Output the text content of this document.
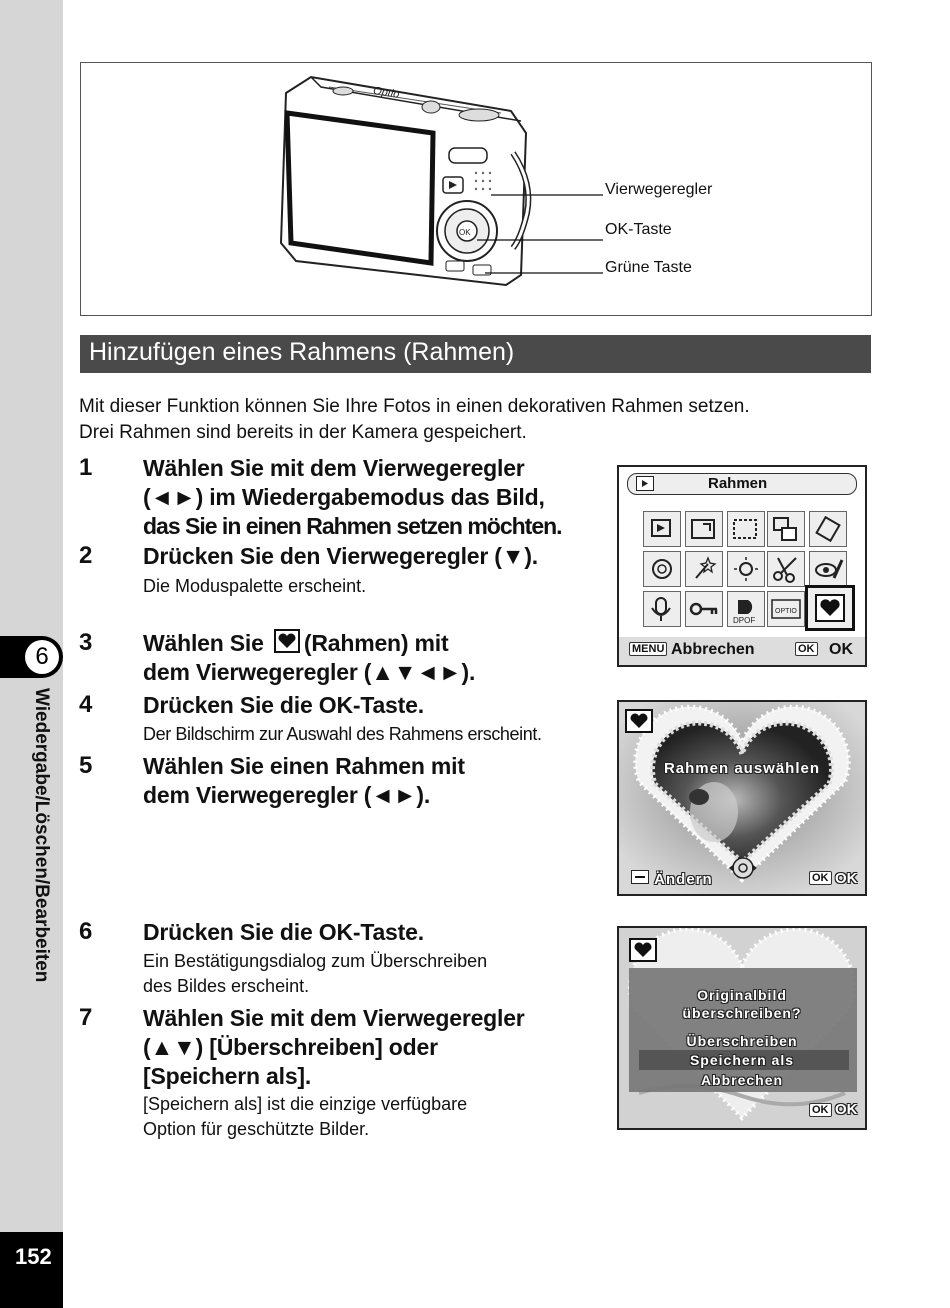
6
Wiedergabe/Löschen/Bearbeiten
152
Optio
OK
Vierwegeregler
OK-Taste
Grüne Taste
Hinzufügen eines Rahmens (Rahmen)
Mit dieser Funktion können Sie Ihre Fotos in einen dekorativen Rahmen setzen.
Drei Rahmen sind bereits in der Kamera gespeichert.
1 Wählen Sie mit dem Vierwegeregler
(◄►) im Wiedergabemodus das Bild,
das Sie in einen Rahmen setzen möchten.
2 Drücken Sie den Vierwegeregler (▼).
Die Moduspalette erscheint.
3 Wählen Sie (Rahmen) mit
dem Vierwegeregler (▲▼◄►).
4 Drücken Sie die OK-Taste.
Der Bildschirm zur Auswahl des Rahmens erscheint.
5 Wählen Sie einen Rahmen mit
dem Vierwegeregler (◄►).
6 Drücken Sie die OK-Taste.
Ein Bestätigungsdialog zum Überschreiben
des Bildes erscheint.
7 Wählen Sie mit dem Vierwegeregler
(▲▼) [Überschreiben] oder
[Speichern als].
[Speichern als] ist die einzige verfügbare
Option für geschützte Bilder.
Rahmen
DPOF
OPTIO
MENU Abbrechen	OK OK
Rahmen auswählen
Ändern	OK OK
Originalbild
überschreiben?
Überschreiben
Speichern als
Abbrechen
OK OK
